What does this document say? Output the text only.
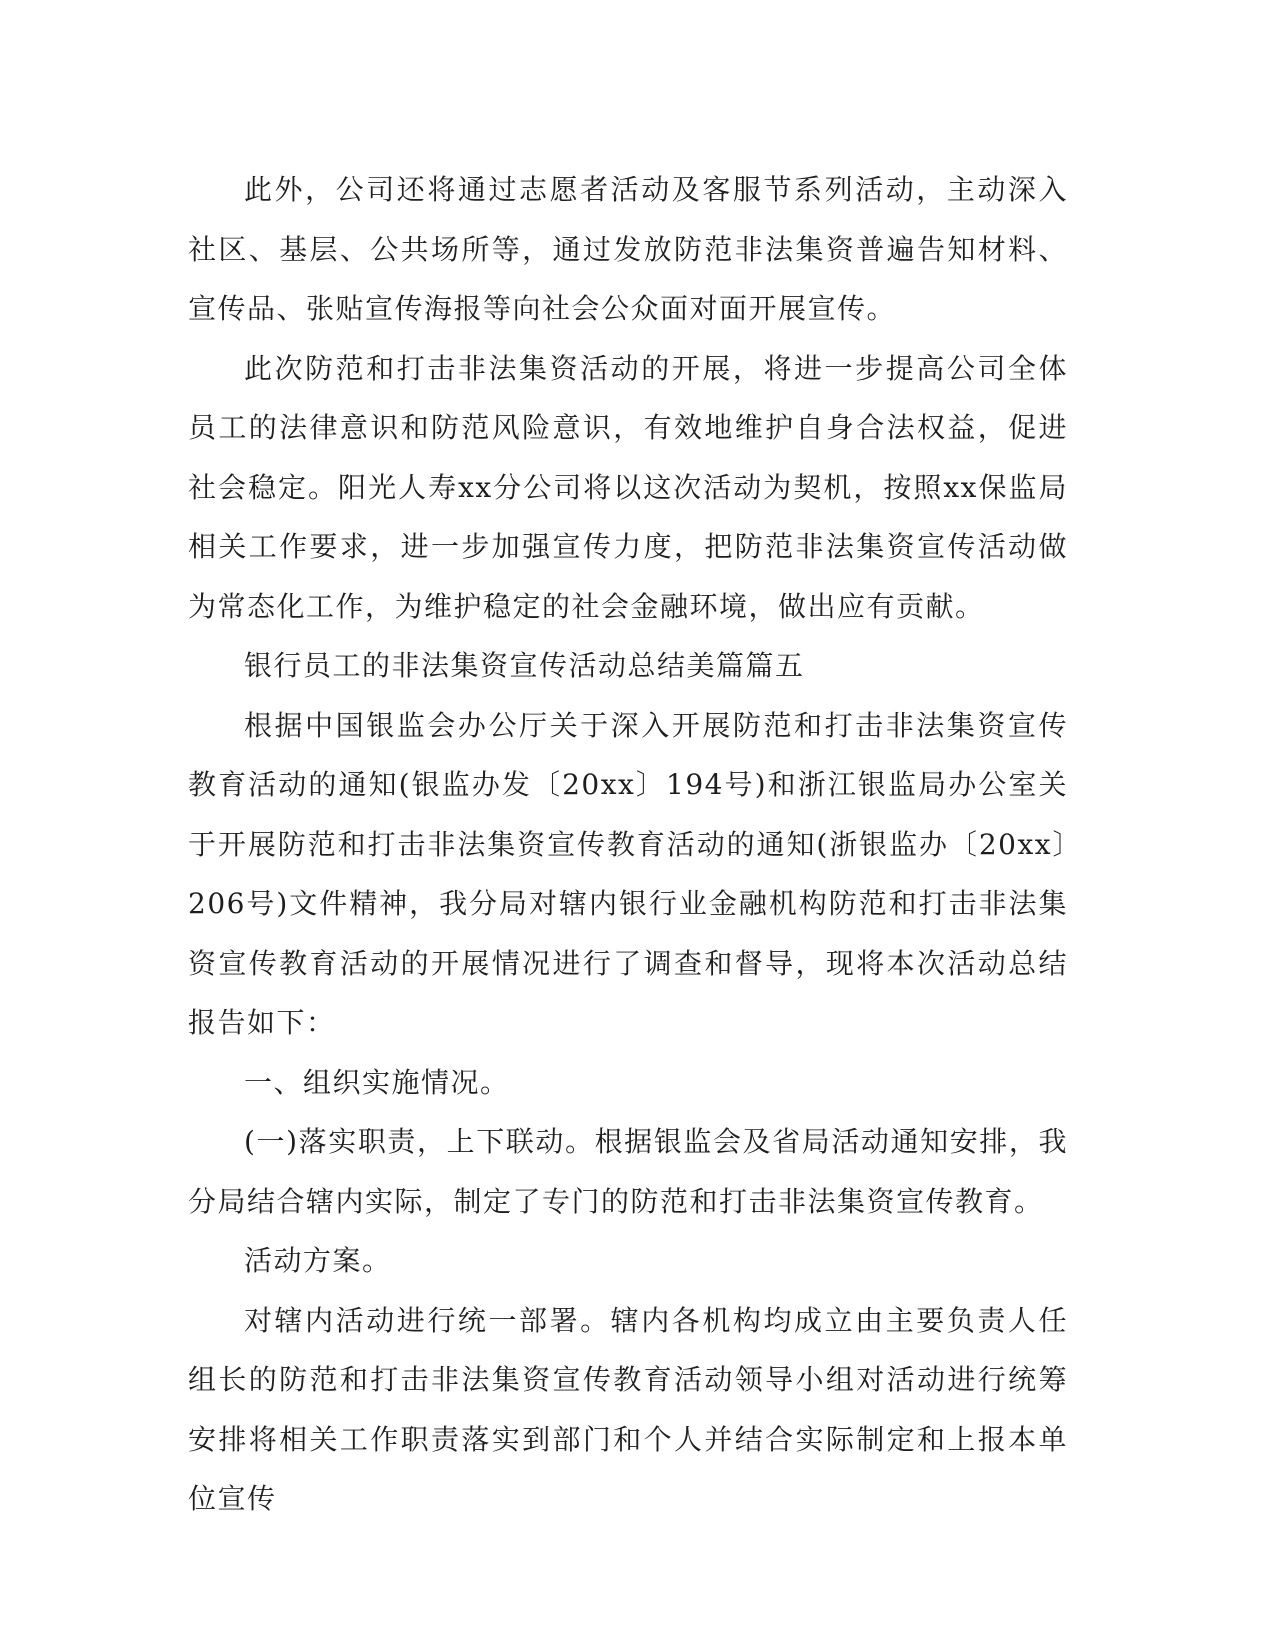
此外，公司还将通过志愿者活动及客服节系列活动，主动深入社区、基层、公共场所等，通过发放防范非法集资普遍告知材料、宣传品、张贴宣传海报等向社会公众面对面开展宣传。

此次防范和打击非法集资活动的开展，将进一步提高公司全体员工的法律意识和防范风险意识，有效地维护自身合法权益，促进社会稳定。阳光人寿xx分公司将以这次活动为契机，按照xx保监局相关工作要求，进一步加强宣传力度，把防范非法集资宣传活动做为常态化工作，为维护稳定的社会金融环境，做出应有贡献。

银行员工的非法集资宣传活动总结美篇篇五

根据中国银监会办公厅关于深入开展防范和打击非法集资宣传教育活动的通知(银监办发〔20xx〕194号)和浙江银监局办公室关于开展防范和打击非法集资宣传教育活动的通知(浙银监办〔20xx〕206号)文件精神，我分局对辖内银行业金融机构防范和打击非法集资宣传教育活动的开展情况进行了调查和督导，现将本次活动总结报告如下：

一、组织实施情况。

(一)落实职责，上下联动。根据银监会及省局活动通知安排，我分局结合辖内实际，制定了专门的防范和打击非法集资宣传教育。

活动方案。

对辖内活动进行统一部署。辖内各机构均成立由主要负责人任组长的防范和打击非法集资宣传教育活动领导小组对活动进行统筹安排将相关工作职责落实到部门和个人并结合实际制定和上报本单位宣传
